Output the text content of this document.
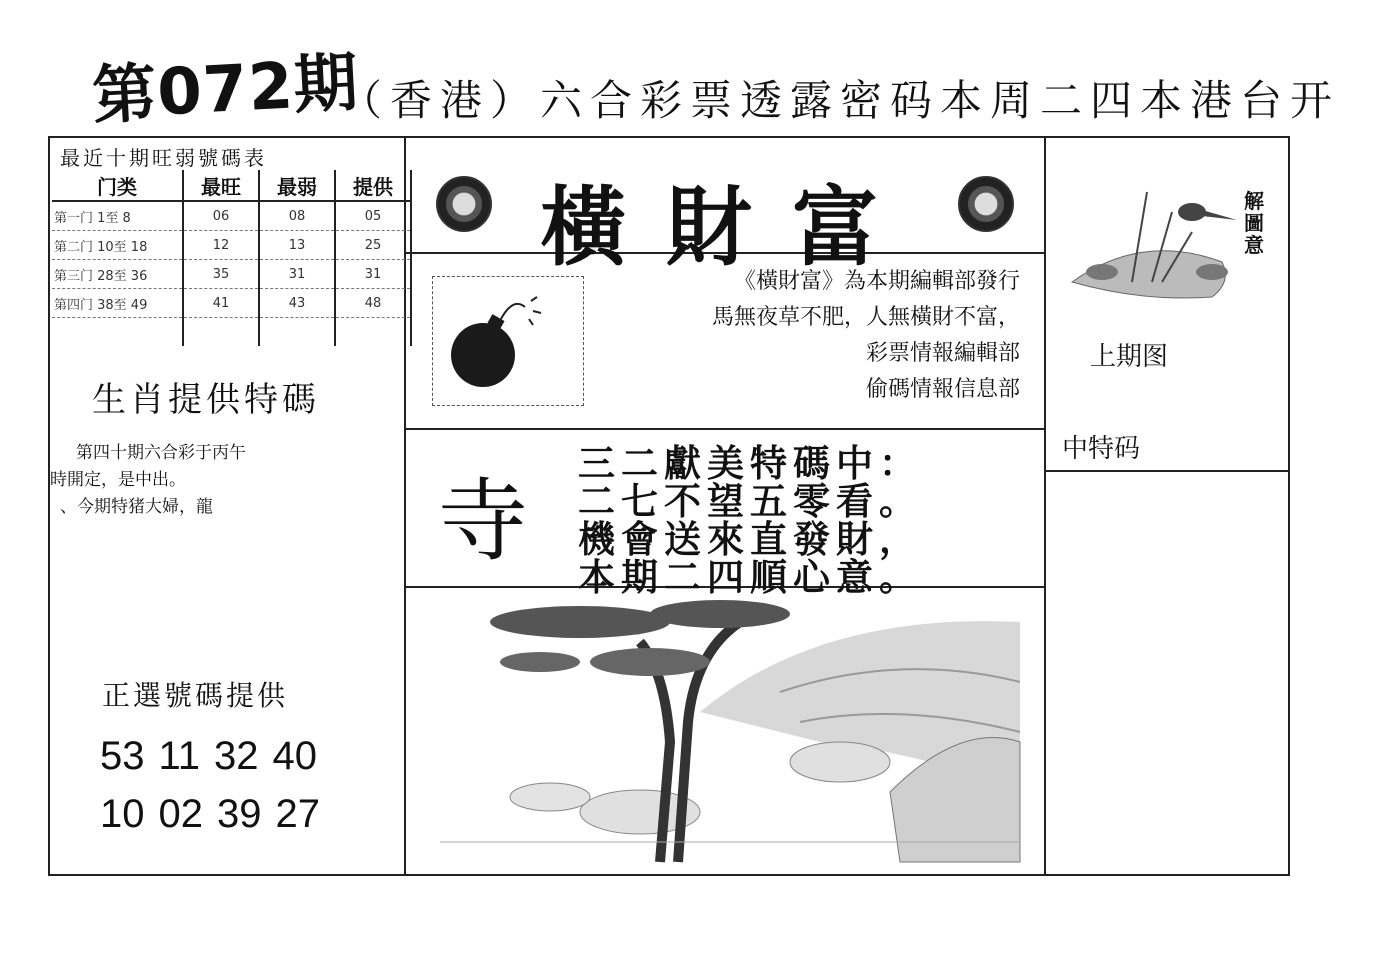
第072期
（香港）六合彩票透露密码本周二四本港台开
最近十期旺弱號碼表
门类	最旺	最弱	提供
第一门 1至 8	06	08	05
第二门 10至 18	12	13	25
第三门 28至 36	35	31	31
第四门 38至 49	41	43	48

生肖提供特碼
第四十期六合彩于丙午
時開定，是中出。
、今期特猪大婦，龍
正選號碼提供
53 11 32 40
10 02 39 27
橫財富
《橫財富》為本期編輯部發行
馬無夜草不肥，人無橫財不富，
彩票情報編輯部
偷碼情報信息部
寺
三二獻美特碼中：
二七不望五零看。
機會送來直發財，
本期二四順心意。
解圖意
上期图
中特码
